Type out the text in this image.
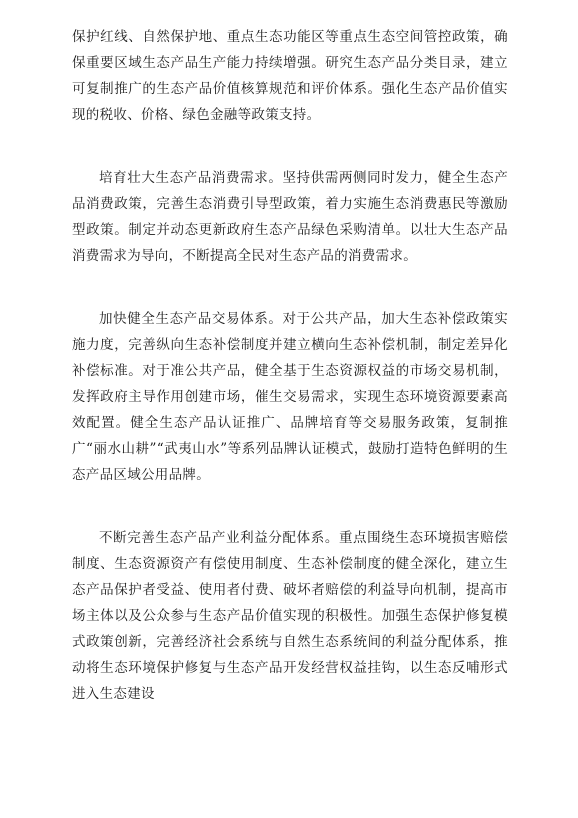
保护红线、自然保护地、重点生态功能区等重点生态空间管控政策，确保重要区域生态产品生产能力持续增强。研究生态产品分类目录，建立可复制推广的生态产品价值核算规范和评价体系。强化生态产品价值实现的税收、价格、绿色金融等政策支持。

培育壮大生态产品消费需求。坚持供需两侧同时发力，健全生态产品消费政策，完善生态消费引导型政策，着力实施生态消费惠民等激励型政策。制定并动态更新政府生态产品绿色采购清单。以壮大生态产品消费需求为导向，不断提高全民对生态产品的消费需求。

加快健全生态产品交易体系。对于公共产品，加大生态补偿政策实施力度，完善纵向生态补偿制度并建立横向生态补偿机制，制定差异化补偿标准。对于准公共产品，健全基于生态资源权益的市场交易机制，发挥政府主导作用创建市场，催生交易需求，实现生态环境资源要素高效配置。健全生态产品认证推广、品牌培育等交易服务政策，复制推广“丽水山耕”“武夷山水”等系列品牌认证模式，鼓励打造特色鲜明的生态产品区域公用品牌。

不断完善生态产品产业利益分配体系。重点围绕生态环境损害赔偿制度、生态资源资产有偿使用制度、生态补偿制度的健全深化，建立生态产品保护者受益、使用者付费、破坏者赔偿的利益导向机制，提高市场主体以及公众参与生态产品价值实现的积极性。加强生态保护修复模式政策创新，完善经济社会系统与自然生态系统间的利益分配体系，推动将生态环境保护修复与生态产品开发经营权益挂钩，以生态反哺形式进入生态建设
